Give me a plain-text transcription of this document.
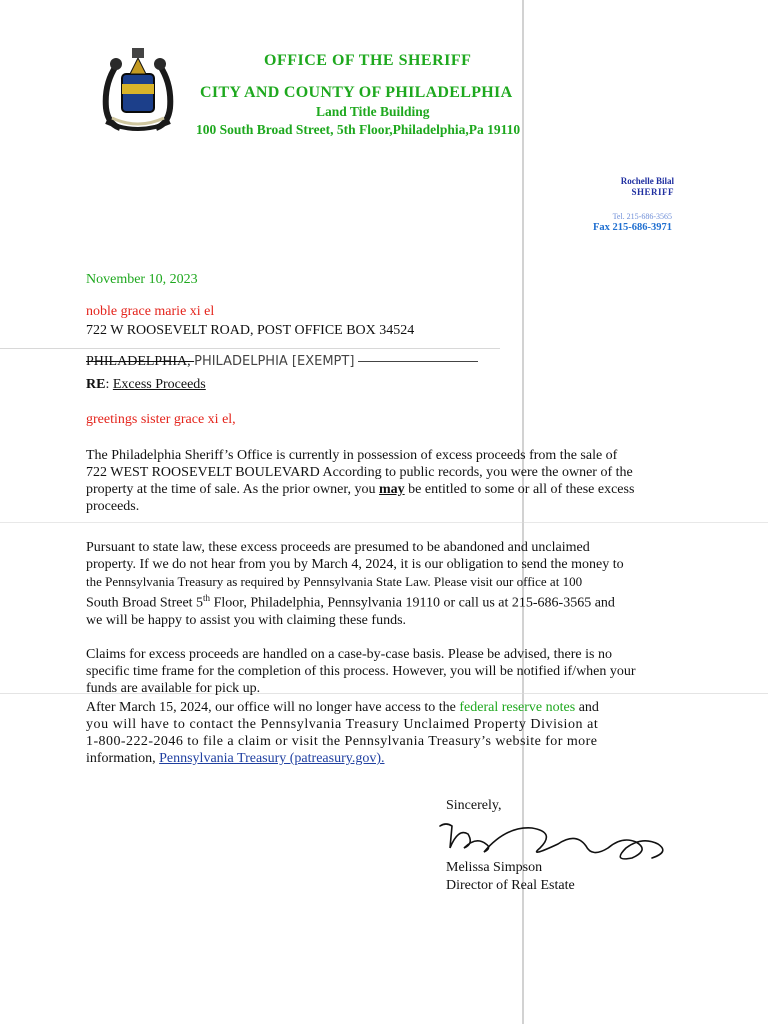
OFFICE OF THE SHERIFF
CITY AND COUNTY OF PHILADELPHIA
Land Title Building
100 South Broad Street, 5th Floor,Philadelphia,Pa 19110
Rochelle Bilal
SHERIFF
Tel. 215-686-3565
Fax 215-686-3971
November 10, 2023
noble grace marie xi el
722 W ROOSEVELT ROAD, POST OFFICE BOX 34524
PHILADELPHIA, PHILADELPHIA [EXEMPT]
RE: Excess Proceeds
greetings sister grace xi el,
The Philadelphia Sheriff’s Office is currently in possession of excess proceeds from the sale of
722 WEST ROOSEVELT BOULEVARD According to public records, you were the owner of the
property at the time of sale. As the prior owner, you may be entitled to some or all of these excess
proceeds.
Pursuant to state law, these excess proceeds are presumed to be abandoned and unclaimed
property. If we do not hear from you by March 4, 2024, it is our obligation to send the money to
the Pennsylvania Treasury as required by Pennsylvania State Law. Please visit our office at 100
South Broad Street 5th Floor, Philadelphia, Pennsylvania 19110 or call us at 215-686-3565 and
we will be happy to assist you with claiming these funds.
Claims for excess proceeds are handled on a case-by-case basis. Please be advised, there is no
specific time frame for the completion of this process. However, you will be notified if/when your
funds are available for pick up.
After March 15, 2024, our office will no longer have access to the federal reserve notes and
you will have to contact the Pennsylvania Treasury Unclaimed Property Division at
1-800-222-2046 to file a claim or visit the Pennsylvania Treasury’s website for more
information, Pennsylvania Treasury (patreasury.gov).
Sincerely,
Melissa Simpson
Director of Real Estate
